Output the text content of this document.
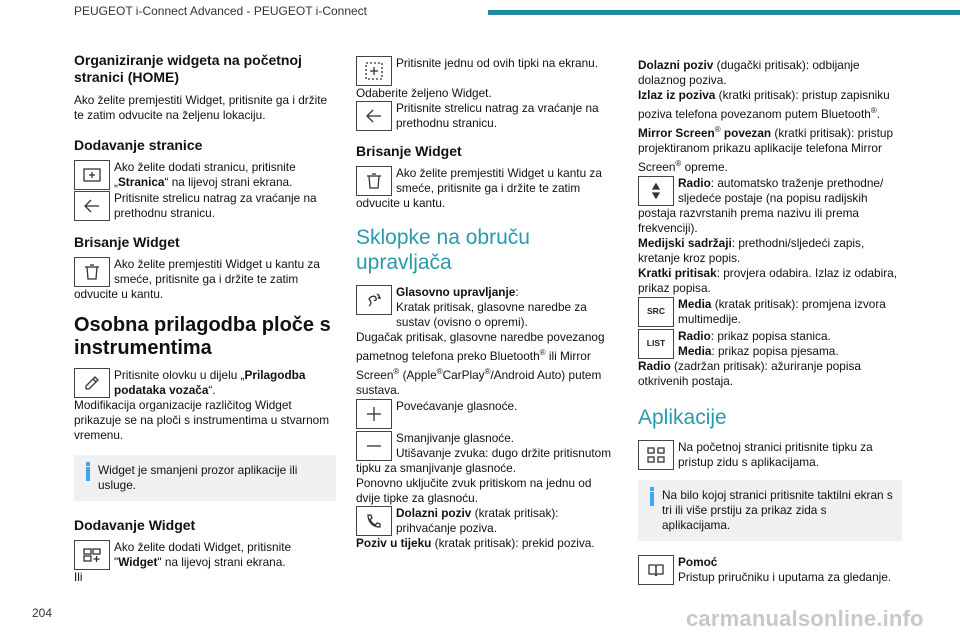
PEUGEOT i-Connect Advanced - PEUGEOT i-Connect
Organiziranje widgeta na početnoj stranici (HOME)

Ako želite premjestiti Widget, pritisnite ga i držite te zatim odvucite na željenu lokaciju.

Dodavanje stranice
Ako želite dodati stranicu, pritisnite „Stranica“ na lijevoj strani ekrana.
Pritisnite strelicu natrag za vraćanje na prethodnu stranicu.
Brisanje Widget
Ako želite premjestiti Widget u kantu za smeće, pritisnite ga i držite te zatim odvucite u kantu.
Osobna prilagodba ploče s instrumentima
Pritisnite olovku u dijelu „Prilagodba podataka vozača“.

Modifikacija organizacije različitog Widget prikazuje se na ploči s instrumentima u stvarnom vremenu.

Widget je smanjeni prozor aplikacije ili usluge.
Dodavanje Widget
Ako želite dodati Widget, pritisnite "Widget" na lijevoj strani ekrana.

Ili

Pritisnite jednu od ovih tipki na ekranu.

Odaberite željeno Widget.

Pritisnite strelicu natrag za vraćanje na prethodnu stranicu.
Brisanje Widget
Ako želite premjestiti Widget u kantu za smeće, pritisnite ga i držite te zatim odvucite u kantu.
Sklopke na obruču upravljača
Glasovno upravljanje:
Kratak pritisak, glasovne naredbe za sustav (ovisno o opremi).

Dugačak pritisak, glasovne naredbe povezanog pametnog telefona preko Bluetooth® ili Mirror Screen® (Apple®CarPlay®/Android Auto) putem sustava.

Povećavanje glasnoće.
Smanjivanje glasnoće.
Utišavanje zvuka: dugo držite pritisnutom tipku za smanjivanje glasnoće.

Ponovno uključite zvuk pritiskom na jednu od dvije tipke za glasnoću.

Dolazni poziv (kratak pritisak): prihvaćanje poziva.

Poziv u tijeku (kratak pritisak): prekid poziva.

Dolazni poziv (dugački pritisak): odbijanje dolaznog poziva.

Izlaz iz poziva (kratki pritisak): pristup zapisniku poziva telefona povezanom putem Bluetooth®.

Mirror Screen® povezan (kratki pritisak): pristup projektiranom prikazu aplikacije telefona Mirror Screen® opreme.

Radio: automatsko traženje prethodne/ sljedeće postaje (na popisu radijskih postaja razvrstanih prema nazivu ili prema frekvenciji).

Medijski sadržaji: prethodni/sljedeći zapis, kretanje kroz popis.

Kratki pritisak: provjera odabira. Izlaz iz odabira, prikaz popisa.

SRC
Media (kratak pritisak): promjena izvora multimedije.
LIST
Radio: prikaz popisa stanica.
Media: prikaz popisa pjesama.

Radio (zadržan pritisak): ažuriranje popisa otkrivenih postaja.

Aplikacije
Na početnoj stranici pritisnite tipku za pristup zidu s aplikacijama.
Na bilo kojoj stranici pritisnite taktilni ekran s tri ili više prstiju za prikaz zida s aplikacijama.
Pomoć
Pristup priručniku i uputama za gledanje.
204	carmanualsonline.info
